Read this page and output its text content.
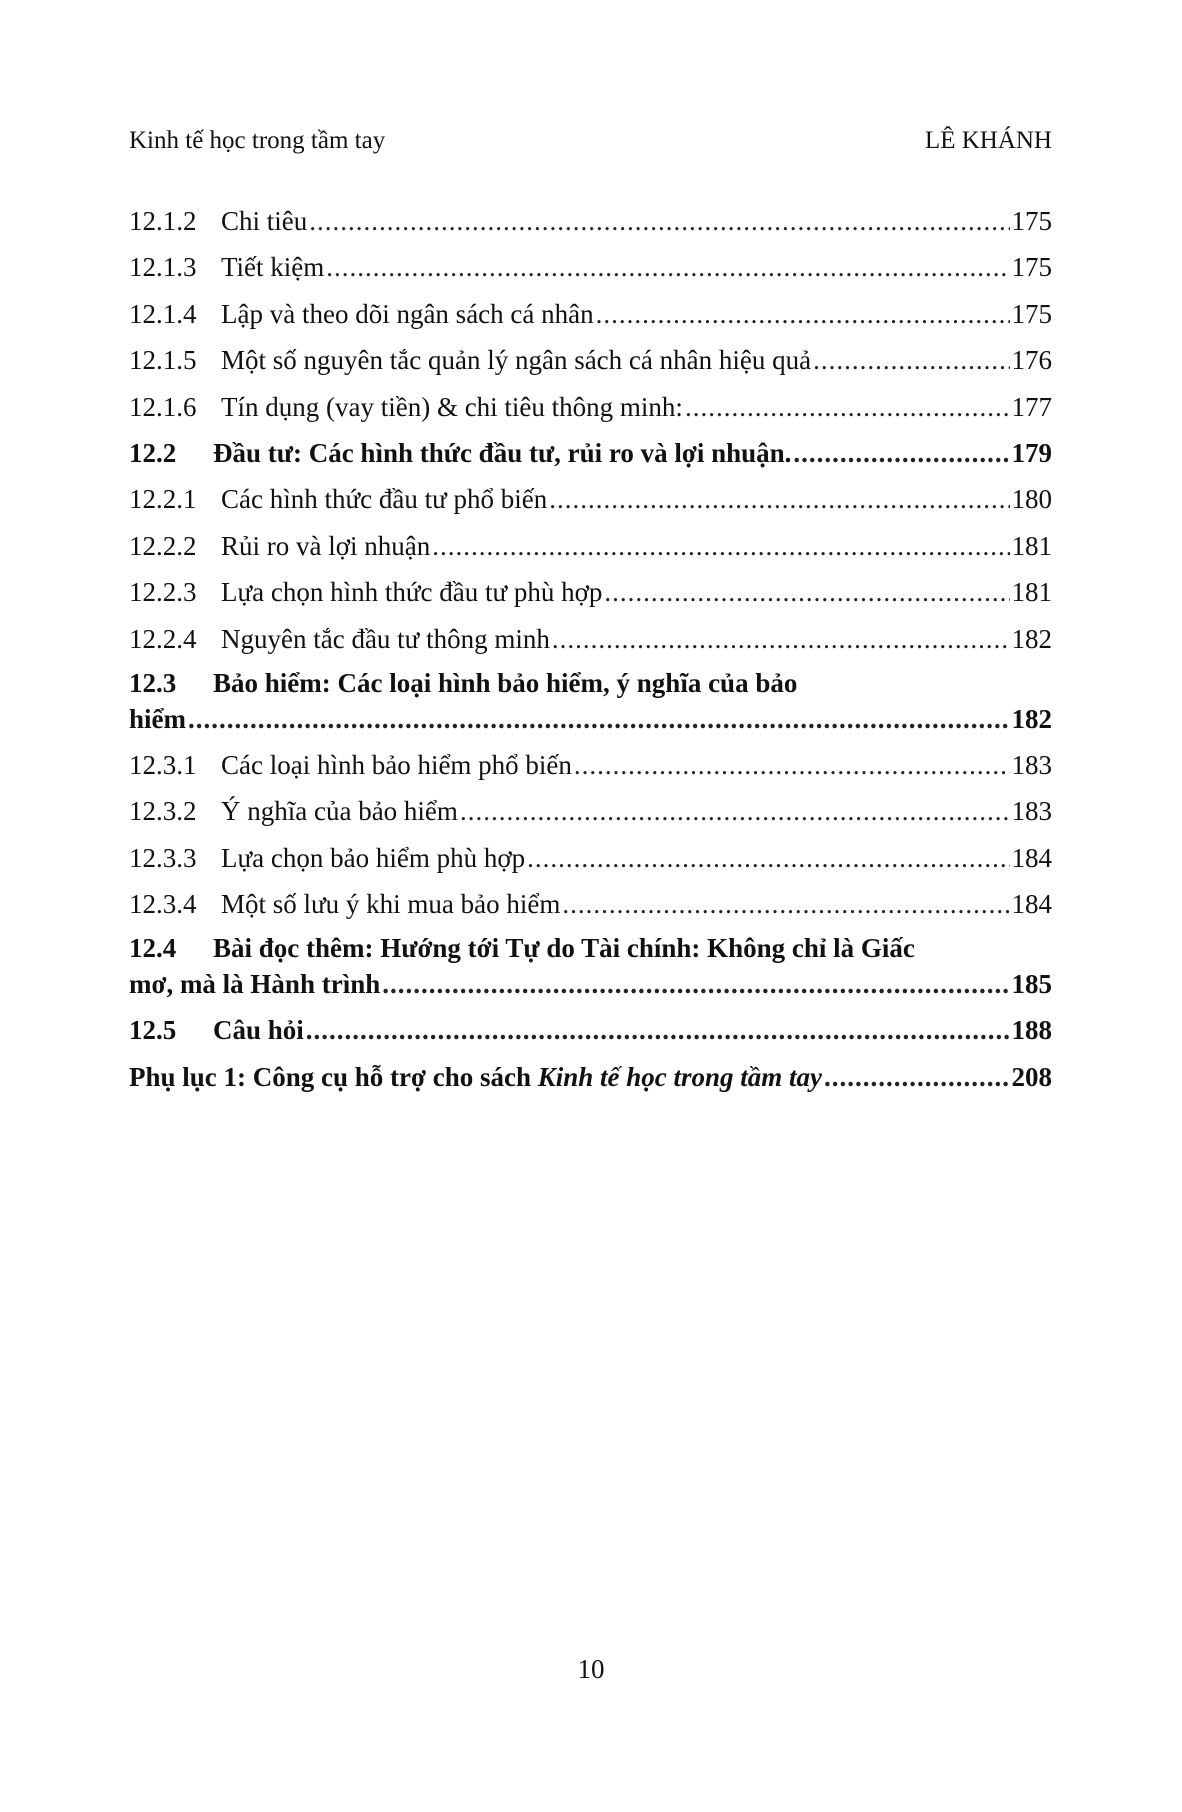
Kinh tế học trong tầm tay	LÊ KHÁNH
12.1.2 Chi tiêu .....	175
12.1.3 Tiết kiệm .....	175
12.1.4 Lập và theo dõi ngân sách cá nhân .....	175
12.1.5 Một số nguyên tắc quản lý ngân sách cá nhân hiệu quả .....	176
12.1.6 Tín dụng (vay tiền) & chi tiêu thông minh: .....	177
12.2	Đầu tư: Các hình thức đầu tư, rủi ro và lợi nhuận. .....	179
12.2.1 Các hình thức đầu tư phổ biến .....	180
12.2.2 Rủi ro và lợi nhuận .....	181
12.2.3 Lựa chọn hình thức đầu tư phù hợp .....	181
12.2.4 Nguyên tắc đầu tư thông minh .....	182
12.3	Bảo hiểm: Các loại hình bảo hiểm, ý nghĩa của bảo
hiểm .....	182
12.3.1 Các loại hình bảo hiểm phổ biến .....	183
12.3.2 Ý nghĩa của bảo hiểm .....	183
12.3.3 Lựa chọn bảo hiểm phù hợp .....	184
12.3.4 Một số lưu ý khi mua bảo hiểm .....	184
12.4	Bài đọc thêm: Hướng tới Tự do Tài chính: Không chỉ là Giấc
mơ, mà là Hành trình .....	185
12.5	Câu hỏi .....	188
Phụ lục 1: Công cụ hỗ trợ cho sách Kinh tế học trong tầm tay .....	208
10
